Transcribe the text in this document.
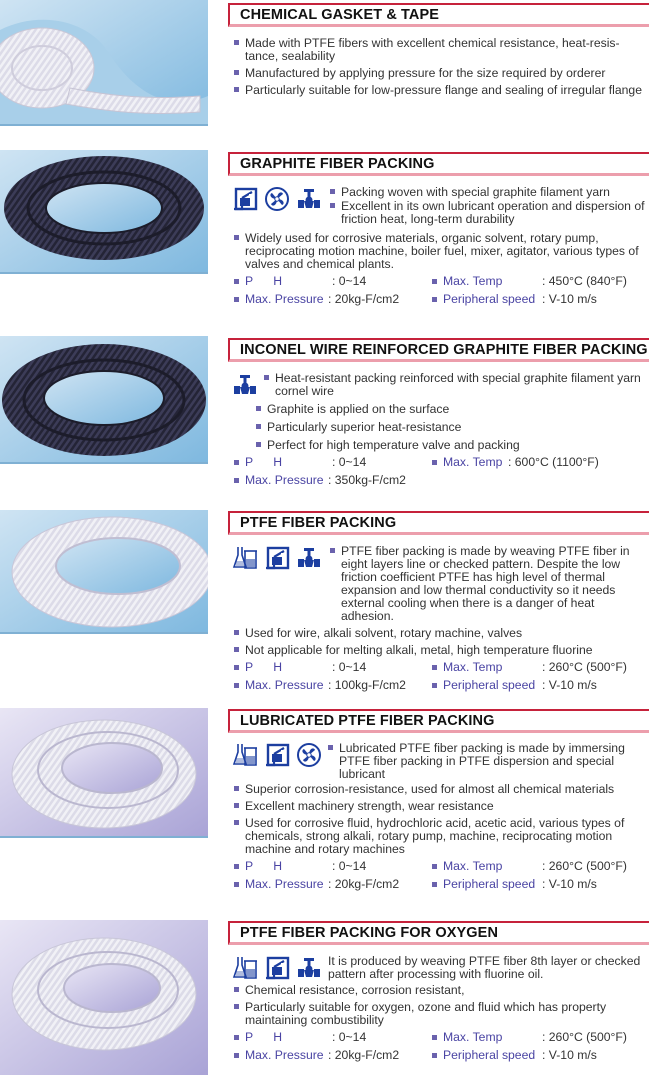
CHEMICAL GASKET & TAPE
Made with PTFE fibers with excellent chemical resistance, heat-resis-tance, sealability
Manufactured by applying pressure for the size required by orderer
Particularly suitable for low-pressure flange and sealing of irregular flange
GRAPHITE FIBER PACKING
Packing woven with special graphite filament yarn
Excellent in its own lubricant operation and dispersion of friction heat, long-term durability
Widely used for corrosive materials, organic solvent, rotary pump, reciprocating motion machine, boiler fuel, mixer, agitator, various types of valves and chemical plants.
P      H	: 0~14	Max. Temp	: 450°C (840°F)
Max. Pressure : 20kg-F/cm2	Peripheral speed : V-10 m/s
INCONEL WIRE REINFORCED GRAPHITE FIBER PACKING
Heat-resistant packing reinforced with special graphite filament yarn cornel wire
Graphite is applied on the surface
Particularly superior heat-resistance
Perfect for high temperature valve and packing
P      H	: 0~14	Max. Temp : 600°C (1100°F)
Max. Pressure : 350kg-F/cm2
PTFE FIBER PACKING
PTFE fiber packing is made by weaving PTFE fiber in eight layers line or checked pattern. Despite the low friction coefficient PTFE has high level of thermal expansion and low thermal conductivity so it needs external cooling when there is a danger of heat adhesion.
Used for wire, alkali solvent, rotary machine, valves
Not applicable for melting alkali, metal, high temperature fluorine
P      H	: 0~14	Max. Temp	: 260°C (500°F)
Max. Pressure : 100kg-F/cm2	Peripheral speed : V-10 m/s
LUBRICATED PTFE FIBER PACKING
Lubricated PTFE fiber packing is made by immersing PTFE fiber packing in PTFE dispersion and special lubricant
Superior corrosion-resistance, used for almost all chemical materials
Excellent machinery strength, wear resistance
Used for corrosive fluid, hydrochloric acid, acetic acid, various types of chemicals, strong alkali, rotary pump, machine, reciprocating motion machine and rotary machines
P      H	: 0~14	Max. Temp	: 260°C (500°F)
Max. Pressure : 20kg-F/cm2	Peripheral speed : V-10 m/s
PTFE FIBER PACKING FOR OXYGEN
It is produced by weaving PTFE fiber 8th layer or checked pattern after processing with fluorine oil.
Chemical resistance, corrosion resistant,
Particularly suitable for oxygen, ozone and fluid which has property maintaining combustibility
P      H	: 0~14	Max. Temp	: 260°C (500°F)
Max. Pressure : 20kg-F/cm2	Peripheral speed : V-10 m/s
